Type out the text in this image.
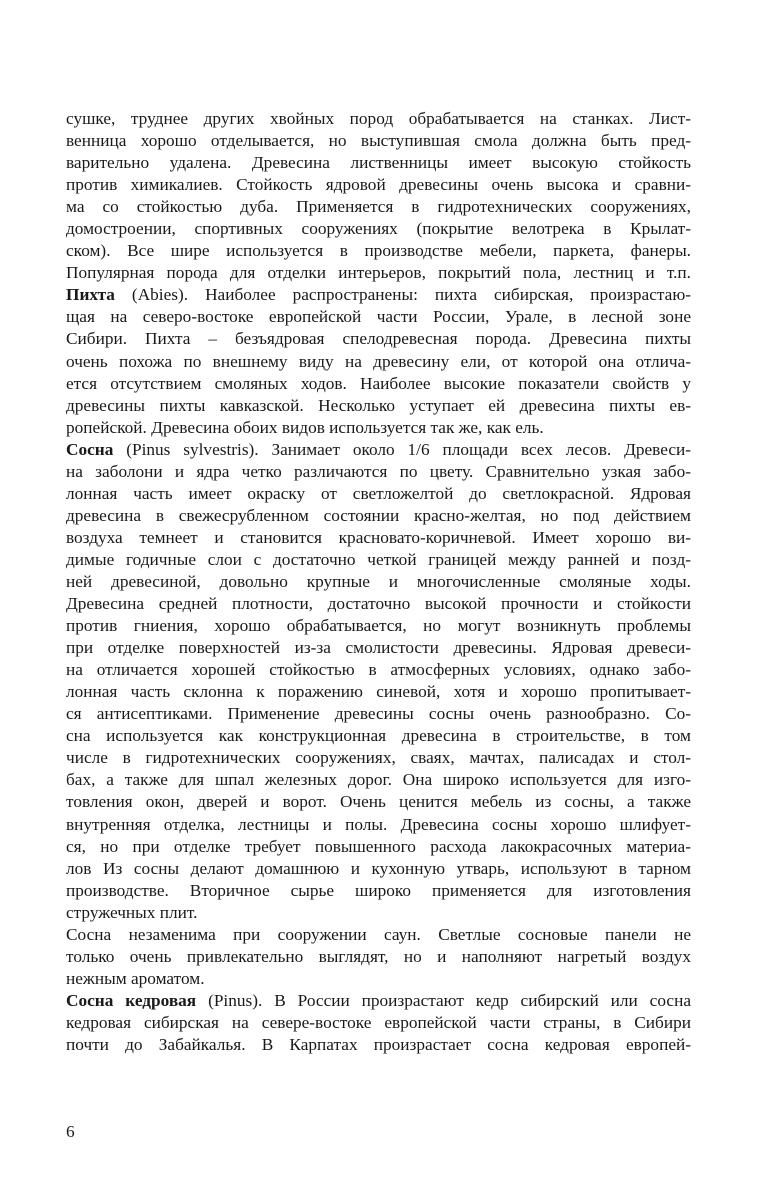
сушке, труднее других хвойных пород обрабатывается на станках. Лист-
венница хорошо отделывается, но выступившая смола должна быть пред-
варительно удалена. Древесина лиственницы имеет высокую стойкость
против химикалиев. Стойкость ядровой древесины очень высока и сравни-
ма со стойкостью дуба. Применяется в гидротехнических сооружениях,
домостроении, спортивных сооружениях (покрытие велотрека в Крылат-
ском). Все шире используется в производстве мебели, паркета, фанеры.
Популярная порода для отделки интерьеров, покрытий пола, лестниц и т.п.
Пихта (Abies). Наиболее распространены: пихта сибирская, произрастаю-
щая на северо-востоке европейской части России, Урале, в лесной зоне
Сибири. Пихта – безъядровая спелодревесная порода. Древесина пихты
очень похожа по внешнему виду на древесину ели, от которой она отлича-
ется отсутствием смоляных ходов. Наиболее высокие показатели свойств у
древесины пихты кавказской. Несколько уступает ей древесина пихты ев-
ропейской. Древесина обоих видов используется так же, как ель.
Сосна (Pinus sylvestris). Занимает около 1/6 площади всех лесов. Древеси-
на заболони и ядра четко различаются по цвету. Сравнительно узкая забо-
лонная часть имеет окраску от светложелтой до светлокрасной. Ядровая
древесина в свежесрубленном состоянии красно-желтая, но под действием
воздуха темнеет и становится красновато-коричневой. Имеет хорошо ви-
димые годичные слои с достаточно четкой границей между ранней и позд-
ней древесиной, довольно крупные и многочисленные смоляные ходы.
Древесина средней плотности, достаточно высокой прочности и стойкости
против гниения, хорошо обрабатывается, но могут возникнуть проблемы
при отделке поверхностей из-за смолистости древесины. Ядровая древеси-
на отличается хорошей стойкостью в атмосферных условиях, однако забо-
лонная часть склонна к поражению синевой, хотя и хорошо пропитывает-
ся антисептиками. Применение древесины сосны очень разнообразно. Со-
сна используется как конструкционная древесина в строительстве, в том
числе в гидротехнических сооружениях, сваях, мачтах, палисадах и стол-
бах, а также для шпал железных дорог. Она широко используется для изго-
товления окон, дверей и ворот. Очень ценится мебель из сосны, а также
внутренняя отделка, лестницы и полы. Древесина сосны хорошо шлифует-
ся, но при отделке требует повышенного расхода лакокрасочных материа-
лов Из сосны делают домашнюю и кухонную утварь, используют в тарном
производстве. Вторичное сырье широко применяется для изготовления
стружечных плит.
Сосна незаменима при сооружении саун. Светлые сосновые панели не
только очень привлекательно выглядят, но и наполняют нагретый воздух
нежным ароматом.
Сосна кедровая (Pinus). В России произрастают кедр сибирский или сосна
кедровая сибирская на севере-востоке европейской части страны, в Сибири
почти до Забайкалья. В Карпатах произрастает сосна кедровая европей-
6
